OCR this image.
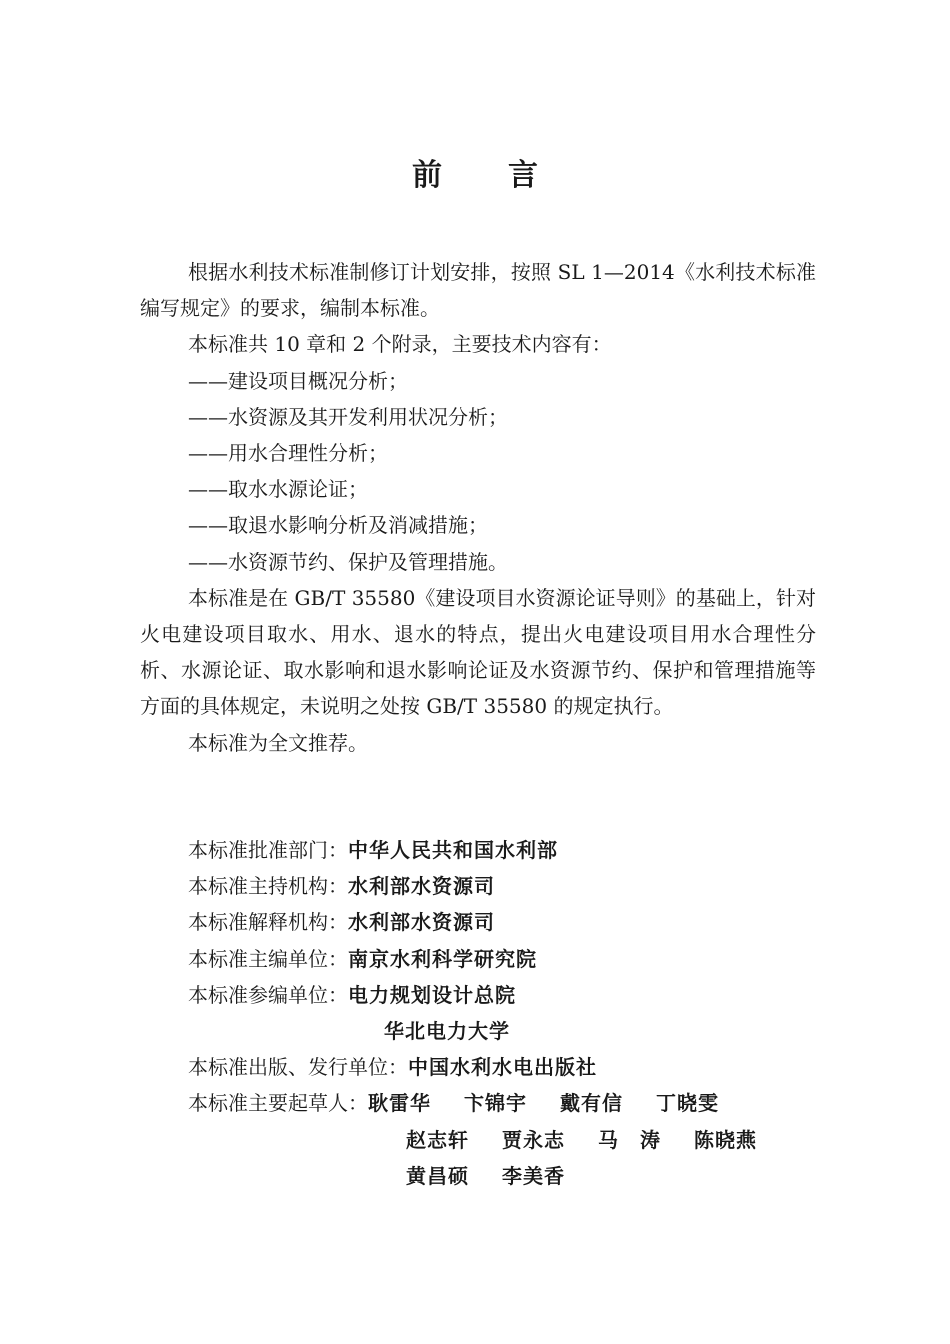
前言

根据水利技术标准制修订计划安排，按照 SL 1—2014《水利技术标准编写规定》的要求，编制本标准。

本标准共 10 章和 2 个附录，主要技术内容有：

——建设项目概况分析；

——水资源及其开发利用状况分析；

——用水合理性分析；

——取水水源论证；

——取退水影响分析及消减措施；

——水资源节约、保护及管理措施。

本标准是在 GB/T 35580《建设项目水资源论证导则》的基础上，针对火电建设项目取水、用水、退水的特点，提出火电建设项目用水合理性分析、水源论证、取水影响和退水影响论证及水资源节约、保护和管理措施等方面的具体规定，未说明之处按 GB/T 35580 的规定执行。

本标准为全文推荐。

本标准批准部门： 中华人民共和国水利部
本标准主持机构： 水利部水资源司
本标准解释机构： 水利部水资源司
本标准主编单位： 南京水利科学研究院
本标准参编单位： 电力规划设计总院
华北电力大学
本标准出版、发行单位： 中国水利水电出版社
本标准主要起草人： 耿雷华	卞锦宇	戴有信	丁晓雯
赵志轩	贾永志	马　涛	陈晓燕
黄昌硕	李美香
